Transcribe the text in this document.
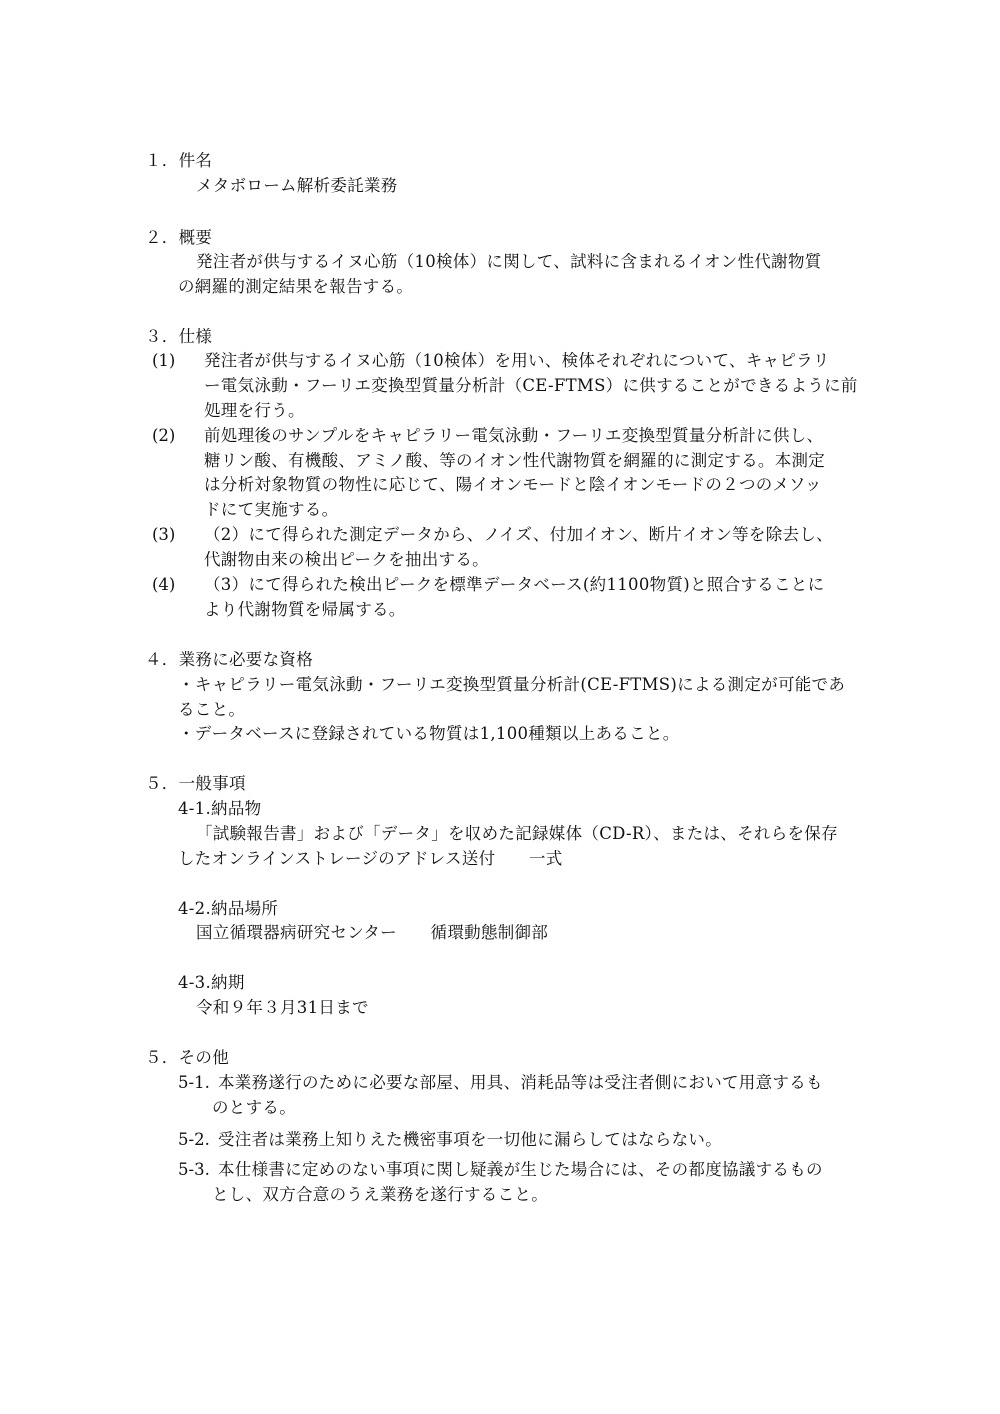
１．件名
メタボローム解析委託業務
２．概要
発注者が供与するイヌ心筋（10検体）に関して、試料に含まれるイオン性代謝物質
の網羅的測定結果を報告する。
３．仕様
(1) 発注者が供与するイヌ心筋（10検体）を用い、検体それぞれについて、キャピラリ
ー電気泳動・フーリエ変換型質量分析計（CE-FTMS）に供することができるように前
処理を行う。
(2) 前処理後のサンプルをキャピラリー電気泳動・フーリエ変換型質量分析計に供し、
糖リン酸、有機酸、アミノ酸、等のイオン性代謝物質を網羅的に測定する。本測定
は分析対象物質の物性に応じて、陽イオンモードと陰イオンモードの２つのメソッ
ドにて実施する。
(3) （2）にて得られた測定データから、ノイズ、付加イオン、断片イオン等を除去し、
代謝物由来の検出ピークを抽出する。
(4) （3）にて得られた検出ピークを標準データベース(約1100物質)と照合することに
より代謝物質を帰属する。
４．業務に必要な資格
・キャピラリー電気泳動・フーリエ変換型質量分析計(CE-FTMS)による測定が可能であ
ること。
・データベースに登録されている物質は1,100種類以上あること。
５．一般事項
4-1.納品物
「試験報告書」および「データ」を収めた記録媒体（CD-R）、または、それらを保存
したオンラインストレージのアドレス送付　　一式
4-2.納品場所
国立循環器病研究センター　　循環動態制御部
4-3.納期
令和９年３月31日まで
５．その他
5-1. 本業務遂行のために必要な部屋、用具、消耗品等は受注者側において用意するも
のとする。
5-2. 受注者は業務上知りえた機密事項を一切他に漏らしてはならない。
5-3. 本仕様書に定めのない事項に関し疑義が生じた場合には、その都度協議するもの
とし、双方合意のうえ業務を遂行すること。
